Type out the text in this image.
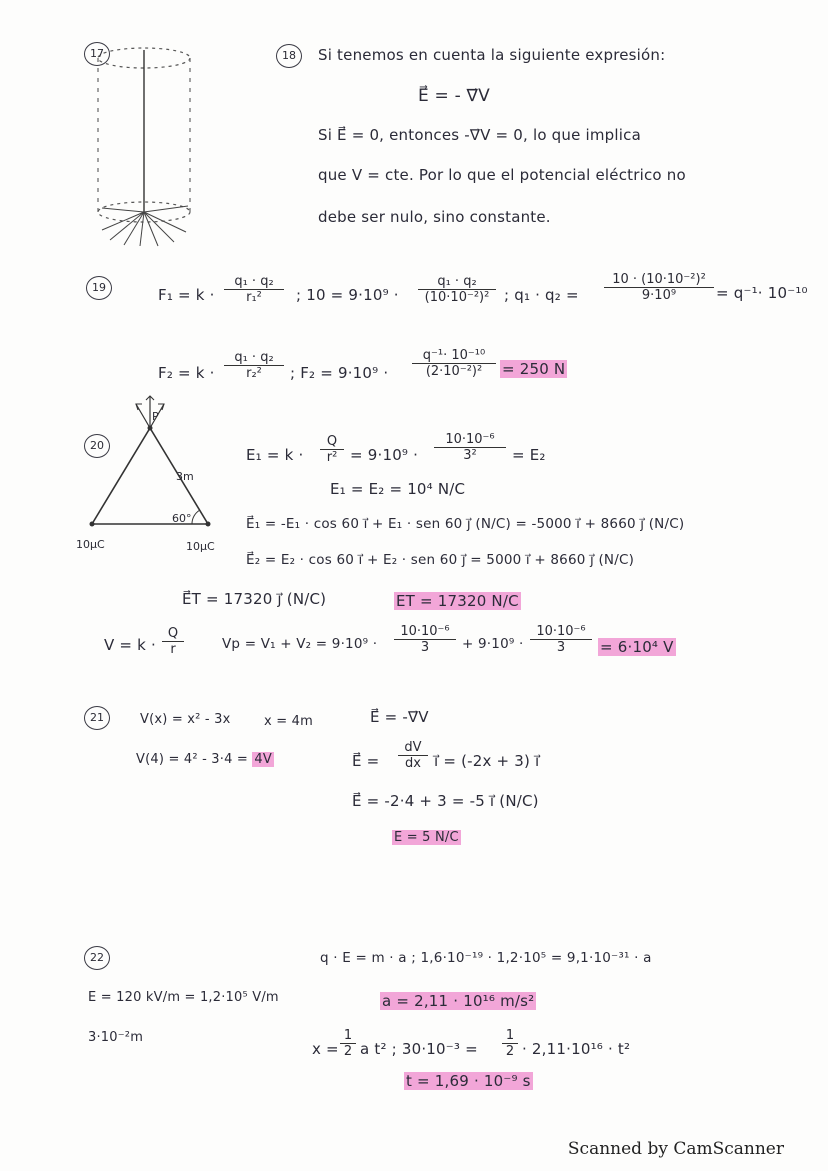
17	18	Si tenemos en cuenta la siguiente expresión:
E⃗ = - ∇⃗V
Si E⃗ = 0, entonces -∇⃗V = 0, lo que implica
que V = cte. Por lo que el potencial eléctrico no
debe ser nulo, sino constante.
19	$F_1 = k \cdot \frac{\text{q₁ · q₂}}{\text{r₁²}}$ ; $10 = 9\cdot 10^9 \cdot \frac{\text{q₁ · q₂}}{\text{(10·10⁻²)²}}$ ; $q_1 \cdot q_2 = \frac{\text{10 · (10·10⁻²)²}}{\text{9·10⁹}} = q^{-1}\cdot 10^{-10}$
$F_2 = k \cdot \frac{\text{q₁ · q₂}}{\text{r₂²}}$ ; $F_2 = 9\cdot 10^9 \cdot \frac{\text{q⁻¹· 10⁻¹⁰}}{\text{(2·10⁻²)²}} = 250$ N
20
P
3m
60°
10μC	10μC
$E_1 = k \cdot \frac{Q}{\text{r²}} = 9\cdot 10^9 \cdot \frac{\text{10·10⁻⁶}}{\text{3²}} = E_2$
E₁ = E₂ = 10⁴ N/C
E⃗₁ = -E₁ · cos 60 i⃗ + E₁ · sen 60 j⃗ (N/C) = -5000 i⃗ + 8660 j⃗ (N/C)
E⃗₂ = E₂ · cos 60 i⃗ + E₂ · sen 60 j⃗ = 5000 i⃗ + 8660 j⃗ (N/C)
E⃗T = 17320 j⃗ (N/C)	ET = 17320 N/C
$V = k \cdot \frac{Q}{r}$	$Vp = V_1 + V_2 = 9\cdot 10^9 \cdot \frac{\text{10·10⁻⁶}}{3} + 9\cdot 10^9 \cdot \frac{\text{10·10⁻⁶}}{3} = 6\cdot 10^4$ V
21	V(x) = x² - 3x	x = 4m
V(4) = 4² - 3·4 = 4V
E⃗ = -∇⃗V
E⃗ = $\frac{dV}{dx}$ i⃗ = (-2x + 3) i⃗
E⃗ = -2·4 + 3 = -5 i⃗ (N/C)
E = 5 N/C
22	q · E = m · a ; 1,6·10⁻¹⁹ · 1,2·10⁵ = 9,1·10⁻³¹ · a
E = 120 kV/m = 1,2·10⁵ V/m	a = 2,11 · 10¹⁶ m/s²
3·10⁻²m
$x = \frac{1}{2}$ a t² ; $30\cdot 10^{-3} = \frac{1}{2} \cdot 2,11\cdot 10^{16} \cdot t^2$
t = 1,69 · 10⁻⁹ s
Scanned by CamScanner
